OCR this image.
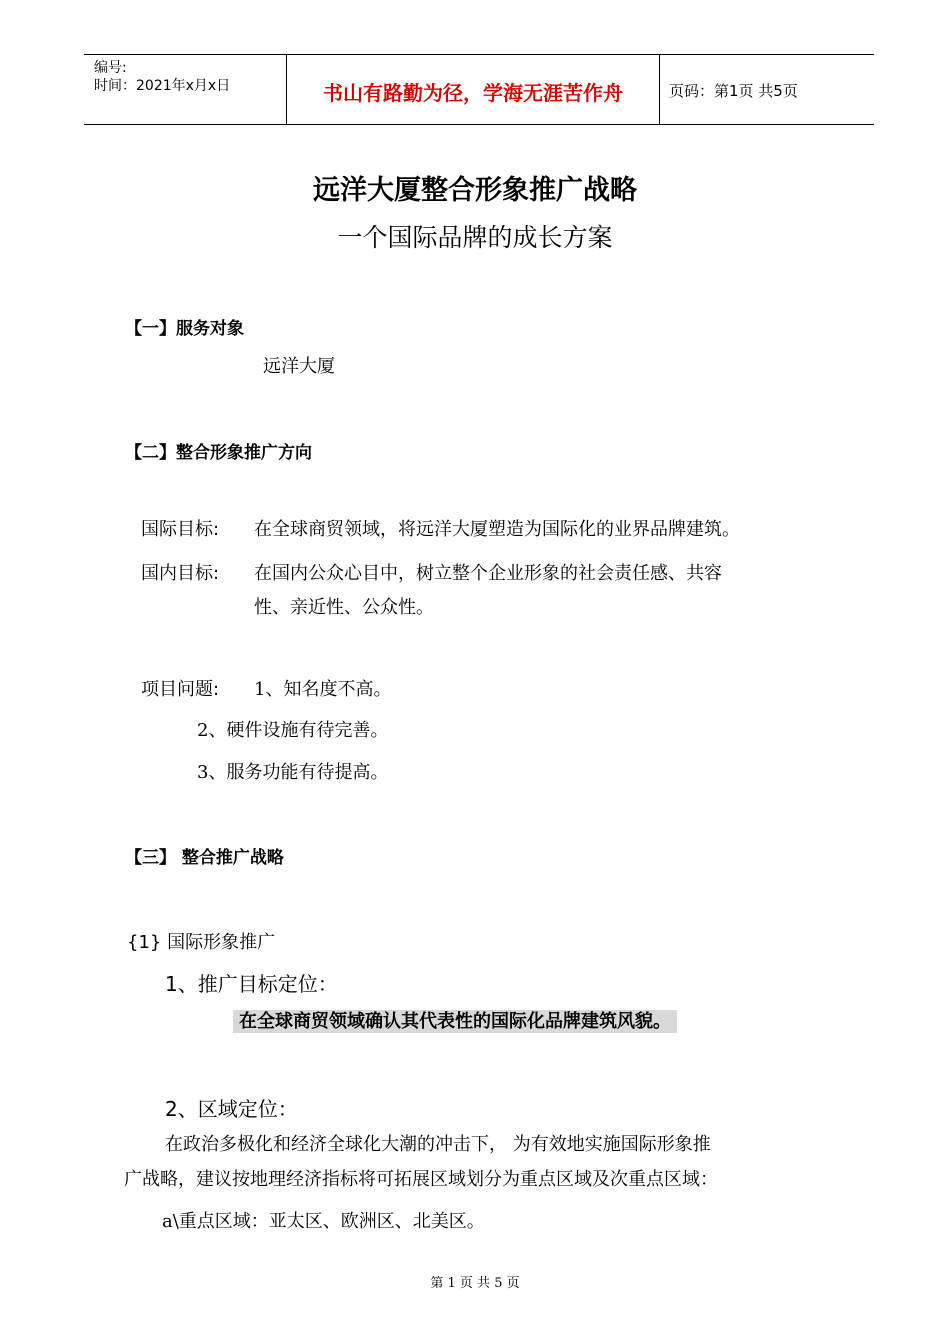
编号:
时间：2021年x月x日	书山有路勤为径，学海无涯苦作舟	页码：第1页 共5页
远洋大厦整合形象推广战略
一个国际品牌的成长方案
【一】服务对象
远洋大厦
【二】整合形象推广方向
国际目标: 在全球商贸领域，将远洋大厦塑造为国际化的业界品牌建筑。
国内目标: 在国内公众心目中，树立整个企业形象的社会责任感、共容
性、亲近性、公众性。
项目问题: 1、知名度不高。
2、硬件设施有待完善。
3、服务功能有待提高。
【三】 整合推广战略
{1} 国际形象推广
1、推广目标定位：
在全球商贸领域确认其代表性的国际化品牌建筑风貌。
2、区域定位：
在政治多极化和经济全球化大潮的冲击下， 为有效地实施国际形象推
广战略，建议按地理经济指标将可拓展区域划分为重点区域及次重点区域：
a\重点区域：亚太区、欧洲区、北美区。
第 1 页 共 5 页
